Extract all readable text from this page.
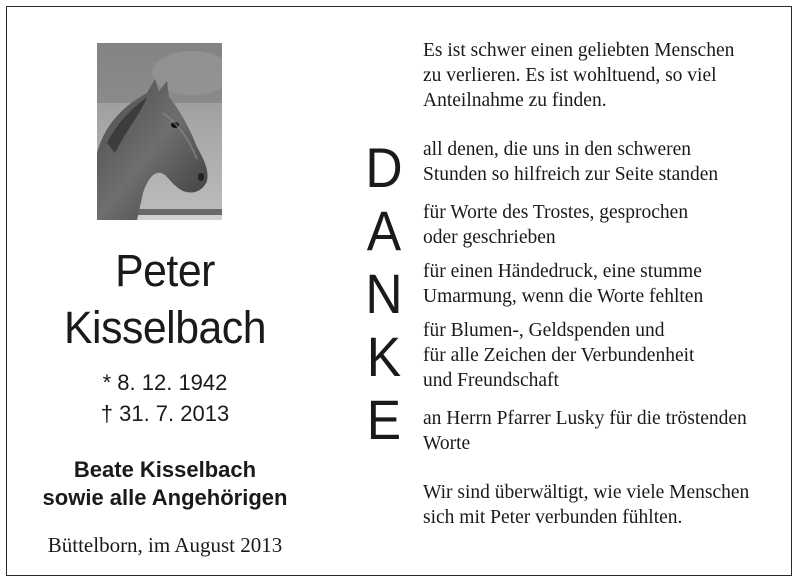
Peter
Kisselbach
* 8. 12. 1942
† 31. 7. 2013
Beate Kisselbach
sowie alle Angehörigen
Büttelborn, im August 2013
D
A
N
K
E
Es ist schwer einen geliebten Menschen
zu verlieren. Es ist wohltuend, so viel
Anteilnahme zu finden.
all denen, die uns in den schweren
Stunden so hilfreich zur Seite standen
für Worte des Trostes, gesprochen
oder geschrieben
für einen Händedruck, eine stumme
Umarmung, wenn die Worte fehlten
für Blumen-, Geldspenden und
für alle Zeichen der Verbundenheit
und Freundschaft
an Herrn Pfarrer Lusky für die tröstenden
Worte
Wir sind überwältigt, wie viele Menschen
sich mit Peter verbunden fühlten.
